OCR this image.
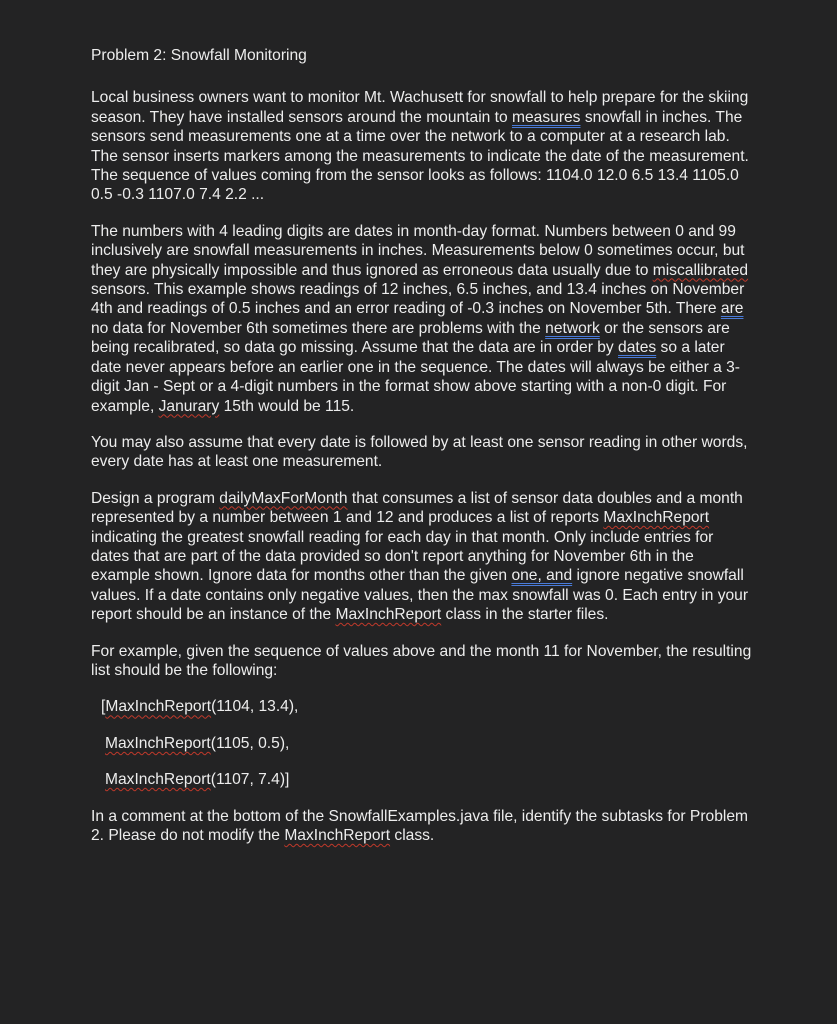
Problem 2: Snowfall Monitoring

Local business owners want to monitor Mt. Wachusett for snowfall to help prepare for the skiing season. They have installed sensors around the mountain to measures snowfall in inches. The sensors send measurements one at a time over the network to a computer at a research lab. The sensor inserts markers among the measurements to indicate the date of the measurement. The sequence of values coming from the sensor looks as follows: 1104.0 12.0 6.5 13.4 1105.0 0.5 -0.3 1107.0 7.4 2.2 ...

The numbers with 4 leading digits are dates in month-day format. Numbers between 0 and 99 inclusively are snowfall measurements in inches. Measurements below 0 sometimes occur, but they are physically impossible and thus ignored as erroneous data usually due to miscallibrated sensors. This example shows readings of 12 inches, 6.5 inches, and 13.4 inches on November 4th and readings of 0.5 inches and an error reading of -0.3 inches on November 5th. There are no data for November 6th sometimes there are problems with the network or the sensors are being recalibrated, so data go missing. Assume that the data are in order by dates so a later date never appears before an earlier one in the sequence. The dates will always be either a 3-digit Jan - Sept or a 4-digit numbers in the format show above starting with a non-0 digit. For example, Janurary 15th would be 115.

You may also assume that every date is followed by at least one sensor reading in other words, every date has at least one measurement.

Design a program dailyMaxForMonth that consumes a list of sensor data doubles and a month represented by a number between 1 and 12 and produces a list of reports MaxInchReport indicating the greatest snowfall reading for each day in that month. Only include entries for dates that are part of the data provided so don't report anything for November 6th in the example shown. Ignore data for months other than the given one, and ignore negative snowfall values. If a date contains only negative values, then the max snowfall was 0. Each entry in your report should be an instance of the MaxInchReport class in the starter files.

For example, given the sequence of values above and the month 11 for November, the resulting list should be the following:

[MaxInchReport(1104, 13.4),
MaxInchReport(1105, 0.5),
MaxInchReport(1107, 7.4)]

In a comment at the bottom of the SnowfallExamples.java file, identify the subtasks for Problem 2. Please do not modify the MaxInchReport class.
